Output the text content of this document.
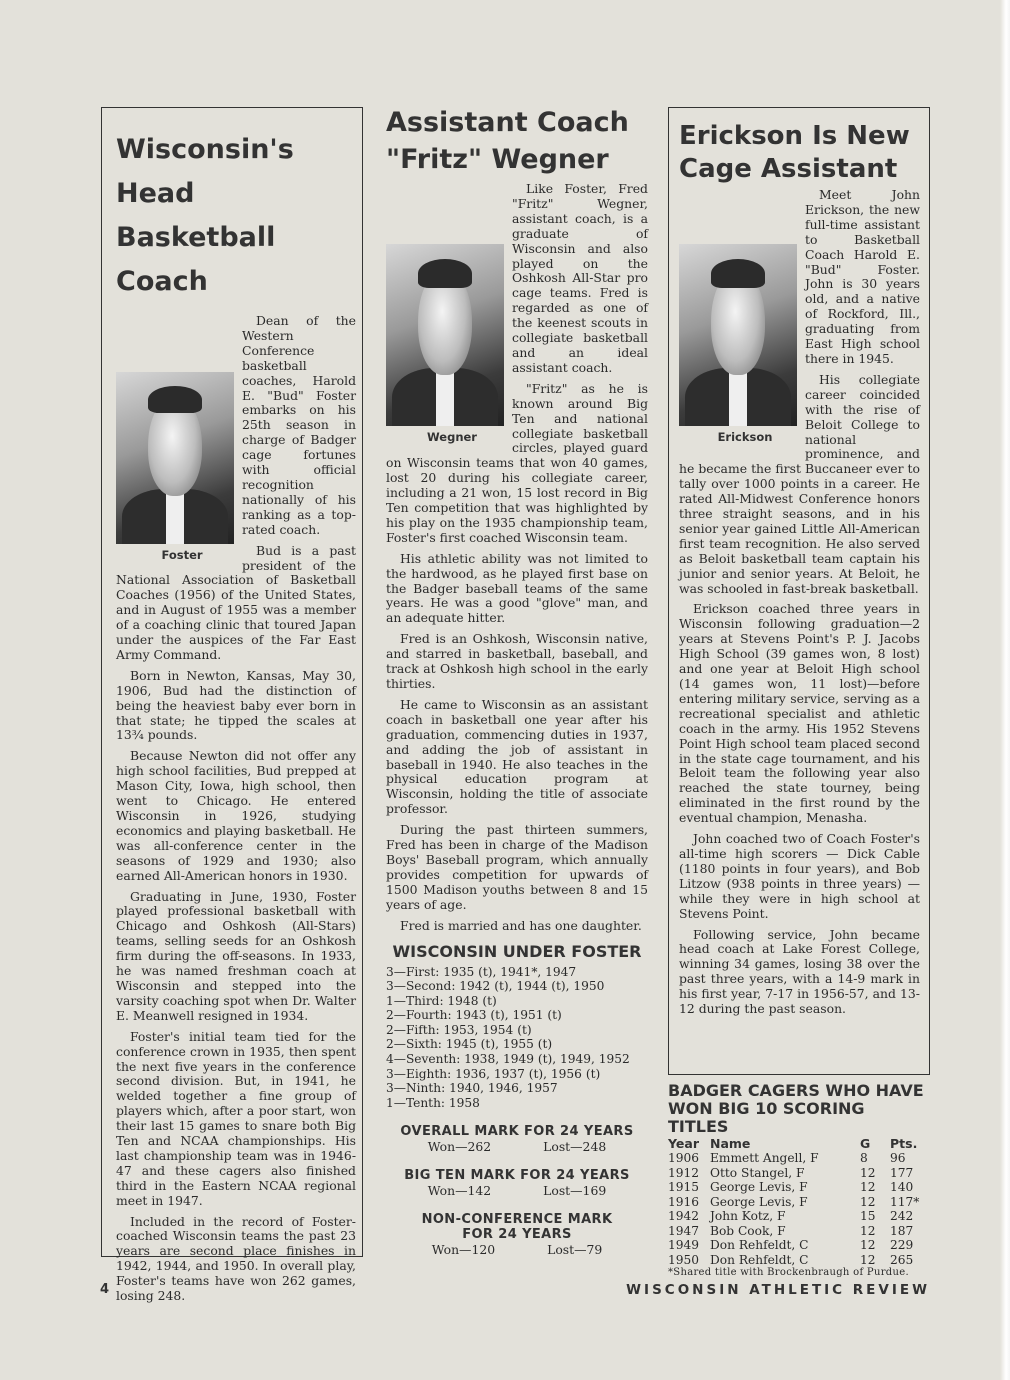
Wisconsin's Head Basketball Coach

Foster
Dean of the Western Conference basketball coaches, Harold E. "Bud" Foster embarks on his 25th season in charge of Badger cage fortunes with official recognition nationally of his ranking as a top-rated coach.

Bud is a past president of the National Association of Basketball Coaches (1956) of the United States, and in August of 1955 was a member of a coaching clinic that toured Japan under the auspices of the Far East Army Command.

Born in Newton, Kansas, May 30, 1906, Bud had the distinction of being the heaviest baby ever born in that state; he tipped the scales at 13¾ pounds.

Because Newton did not offer any high school facilities, Bud prepped at Mason City, Iowa, high school, then went to Chicago. He entered Wisconsin in 1926, studying economics and playing basketball. He was all-conference center in the seasons of 1929 and 1930; also earned All-American honors in 1930.

Graduating in June, 1930, Foster played professional basketball with Chicago and Oshkosh (All-Stars) teams, selling seeds for an Oshkosh firm during the off-seasons. In 1933, he was named freshman coach at Wisconsin and stepped into the varsity coaching spot when Dr. Walter E. Meanwell resigned in 1934.

Foster's initial team tied for the conference crown in 1935, then spent the next five years in the conference second division. But, in 1941, he welded together a fine group of players which, after a poor start, won their last 15 games to snare both Big Ten and NCAA championships. His last championship team was in 1946-47 and these cagers also finished third in the Eastern NCAA regional meet in 1947.

Included in the record of Foster-coached Wisconsin teams the past 23 years are second place finishes in 1942, 1944, and 1950. In overall play, Foster's teams have won 262 games, losing 248.

Assistant Coach "Fritz" Wegner

Wegner
Like Foster, Fred "Fritz" Wegner, assistant coach, is a graduate of Wisconsin and also played on the Oshkosh All-Star pro cage teams. Fred is regarded as one of the keenest scouts in collegiate basketball and an ideal assistant coach.

"Fritz" as he is known around Big Ten and national collegiate basketball circles, played guard on Wisconsin teams that won 40 games, lost 20 during his collegiate career, including a 21 won, 15 lost record in Big Ten competition that was highlighted by his play on the 1935 championship team, Foster's first coached Wisconsin team.

His athletic ability was not limited to the hardwood, as he played first base on the Badger baseball teams of the same years. He was a good "glove" man, and an adequate hitter.

Fred is an Oshkosh, Wisconsin native, and starred in basketball, baseball, and track at Oshkosh high school in the early thirties.

He came to Wisconsin as an assistant coach in basketball one year after his graduation, commencing duties in 1937, and adding the job of assistant in baseball in 1940. He also teaches in the physical education program at Wisconsin, holding the title of associate professor.

During the past thirteen summers, Fred has been in charge of the Madison Boys' Baseball program, which annually provides competition for upwards of 1500 Madison youths between 8 and 15 years of age.

Fred is married and has one daughter.

WISCONSIN UNDER FOSTER
3—First: 1935 (t), 1941*, 1947
3—Second: 1942 (t), 1944 (t), 1950
1—Third: 1948 (t)
2—Fourth: 1943 (t), 1951 (t)
2—Fifth: 1953, 1954 (t)
2—Sixth: 1945 (t), 1955 (t)
4—Seventh: 1938, 1949 (t), 1949, 1952
3—Eighth: 1936, 1937 (t), 1956 (t)
3—Ninth: 1940, 1946, 1957
1—Tenth: 1958
OVERALL MARK FOR 24 YEARS
Won—262	Lost—248
BIG TEN MARK FOR 24 YEARS
Won—142	Lost—169
NON-CONFERENCE MARK
FOR 24 YEARS
Won—120	Lost—79
Erickson Is New Cage Assistant

Erickson
Meet John Erickson, the new full-time assistant to Basketball Coach Harold E. "Bud" Foster. John is 30 years old, and a native of Rockford, Ill., graduating from East High school there in 1945.

His collegiate career coincided with the rise of Beloit College to national prominence, and he became the first Buccaneer ever to tally over 1000 points in a career. He rated All-Midwest Conference honors three straight seasons, and in his senior year gained Little All-American first team recognition. He also served as Beloit basketball team captain his junior and senior years. At Beloit, he was schooled in fast-break basketball.

Erickson coached three years in Wisconsin following graduation—2 years at Stevens Point's P. J. Jacobs High School (39 games won, 8 lost) and one year at Beloit High school (14 games won, 11 lost)—before entering military service, serving as a recreational specialist and athletic coach in the army. His 1952 Stevens Point High school team placed second in the state cage tournament, and his Beloit team the following year also reached the state tourney, being eliminated in the first round by the eventual champion, Menasha.

John coached two of Coach Foster's all-time high scorers — Dick Cable (1180 points in four years), and Bob Litzow (938 points in three years) — while they were in high school at Stevens Point.

Following service, John became head coach at Lake Forest College, winning 34 games, losing 38 over the past three years, with a 14-9 mark in his first year, 7-17 in 1956-57, and 13-12 during the past season.

BADGER CAGERS WHO HAVE
WON BIG 10 SCORING TITLES
Year	Name	G	Pts.
1906	Emmett Angell, F	8	96
1912	Otto Stangel, F	12	177
1915	George Levis, F	12	140
1916	George Levis, F	12	117*
1942	John Kotz, F	15	242
1947	Bob Cook, F	12	187
1949	Don Rehfeldt, C	12	229
1950	Don Rehfeldt, C	12	265
*Shared title with Brockenbraugh of Purdue.
4	WISCONSIN ATHLETIC REVIEW
